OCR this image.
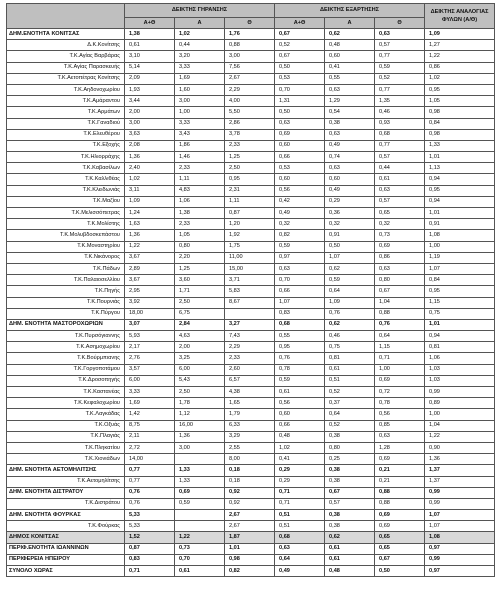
	ΔΕΙΚΤΗΣ ΓΗΡΑΝΣΗΣ			ΔΕΙΚΤΗΣ ΕΞΑΡΤΗΣΗΣ			ΔΕΙΚΤΗΣ ΑΝΑΛΟΓΙΑΣ ΦΥΛΩΝ (Α/Θ)
	Α+Θ	Α	Θ	Α+Θ	Α	Θ	
ΔΗΜ.ΕΝΟΤΗΤΑ ΚΟΝΙΤΣΑΣ	1,38	1,02	1,76	0,67	0,62	0,63	1,09
Δ.Κ.Κονίτσης	0,61	0,44	0,88	0,52	0,48	0,57	1,27
Τ.Κ.Αγίας Βαρβάρας	3,10	3,20	3,00	0,67	0,60	0,77	1,22
Τ.Κ.Αγίας Παρασκευής	5,14	3,33	7,56	0,50	0,41	0,59	0,86
Τ.Κ.Αετοπέτρας Κονίτσης	2,09	1,69	2,67	0,53	0,55	0,52	1,02
Τ.Κ.Αηδονοχωρίου	1,93	1,60	2,29	0,70	0,63	0,77	0,95
Τ.Κ.Αμάραντου	3,44	3,00	4,00	1,31	1,29	1,35	1,05
Τ.Κ.Αρμάτων	2,00	1,00	5,50	0,50	0,54	0,46	0,98
Τ.Κ.Γαναδιού	3,00	3,33	2,86	0,63	0,38	0,93	0,84
Τ.Κ.Ελευθέρου	3,63	3,43	3,78	0,69	0,63	0,68	0,98
Τ.Κ.Εξοχής	2,08	1,86	2,33	0,60	0,49	0,77	1,33
Τ.Κ.Ηλιορράχης	1,36	1,46	1,25	0,66	0,74	0,57	1,01
Τ.Κ.Καβασίλων	2,40	2,33	2,50	0,53	0,63	0,44	1,13
Τ.Κ.Καλλιθέας	1,02	1,11	0,95	0,60	0,60	0,61	0,94
Τ.Κ.Κλειδωνιάς	3,11	4,83	2,31	0,56	0,49	0,63	0,95
Τ.Κ.Μαζίου	1,09	1,06	1,11	0,42	0,29	0,57	0,94
Τ.Κ.Μελισσόπετρας	1,24	1,38	0,87	0,49	0,36	0,65	1,01
Τ.Κ.Μολίστης	1,63	2,33	1,20	0,32	0,32	0,32	0,91
Τ.Κ.Μολυβδοσκεπάστου	1,36	1,05	1,92	0,82	0,91	0,73	1,08
Τ.Κ.Μοναστηρίου	1,22	0,80	1,75	0,59	0,50	0,69	1,00
Τ.Κ.Νικάνορος	3,67	2,20	11,00	0,97	1,07	0,86	1,19
Τ.Κ.Πάδων	2,89	1,25	15,00	0,63	0,62	0,63	1,07
Τ.Κ.Παλαιοσελλίου	3,67	3,60	3,71	0,70	0,59	0,80	0,84
Τ.Κ.Πηγής	2,95	1,71	5,83	0,66	0,64	0,67	0,95
Τ.Κ.Πουρνιάς	3,92	2,50	8,67	1,07	1,09	1,04	1,15
Τ.Κ.Πύργου	18,00	6,75		0,83	0,76	0,88	0,75
ΔΗΜ. ΕΝΟΤΗΤΑ ΜΑΣΤΟΡΟΧΩΡΙΩΝ	3,07	2,84	3,27	0,68	0,62	0,76	1,01
Τ.Κ.Πυρσόγιαννης	5,93	4,63	7,43	0,55	0,46	0,64	0,94
Τ.Κ.Ασημοχωρίου	2,17	2,00	2,29	0,95	0,75	1,15	0,81
Τ.Κ.Βούρμπιανης	2,76	3,25	2,33	0,76	0,81	0,71	1,06
Τ.Κ.Γοργοποτάμου	3,57	6,00	2,60	0,78	0,61	1,00	1,03
Τ.Κ.Δροσοπηγής	6,00	5,43	6,57	0,59	0,51	0,69	1,03
Τ.Κ.Καστανέας	3,33	2,50	4,38	0,61	0,52	0,72	0,99
Τ.Κ.Κεφαλοχωρίου	1,69	1,78	1,65	0,56	0,37	0,78	0,89
Τ.Κ.Λαγκάδας	1,42	1,12	1,79	0,60	0,64	0,56	1,00
Τ.Κ.Οξυάς	8,75	16,00	6,33	0,66	0,52	0,85	1,04
Τ.Κ.Πλαγιάς	2,11	1,36	3,29	0,48	0,38	0,63	1,22
Τ.Κ.Πληκατίου	2,72	3,00	2,55	1,02	0,80	1,28	0,90
Τ.Κ.Χιονιάδων	14,00		8,00	0,41	0,25	0,69	1,36
ΔΗΜ. ΕΝΟΤΗΤΑ ΑΕΤΟΜΗΛΙΤΣΗΣ	0,77	1,33	0,18	0,29	0,38	0,21	1,37
Τ.Κ.Αετομηλίτσης	0,77	1,33	0,18	0,29	0,38	0,21	1,37
ΔΗΜ. ΕΝΟΤΗΤΑ ΔΙΣΤΡΑΤΟΥ	0,76	0,69	0,92	0,71	0,67	0,88	0,99
Τ.Κ.Διστράτου	0,76	0,59	0,92	0,71	0,57	0,88	0,99
ΔΗΜ. ΕΝΟΤΗΤΑ ΦΟΥΡΚΑΣ	5,33		2,67	0,51	0,38	0,69	1,07
Τ.Κ.Φούρκας	5,33		2,67	0,51	0,38	0,69	1,07
ΔΗΜΟΣ ΚΟΝΙΤΣΑΣ	1,52	1,22	1,87	0,68	0,62	0,65	1,08
ΠΕΡΙΦ.ΕΝΟΤΗΤΑ ΙΩΑΝΝΙΝΩΝ	0,87	0,73	1,01	0,63	0,61	0,65	0,97
ΠΕΡΙΦΕΡΕΙΑ ΗΠΕΙΡΟΥ	0,83	0,70	0,98	0,64	0,61	0,67	0,99
ΣΥΝΟΛΟ ΧΩΡΑΣ	0,71	0,61	0,82	0,49	0,48	0,50	0,97
